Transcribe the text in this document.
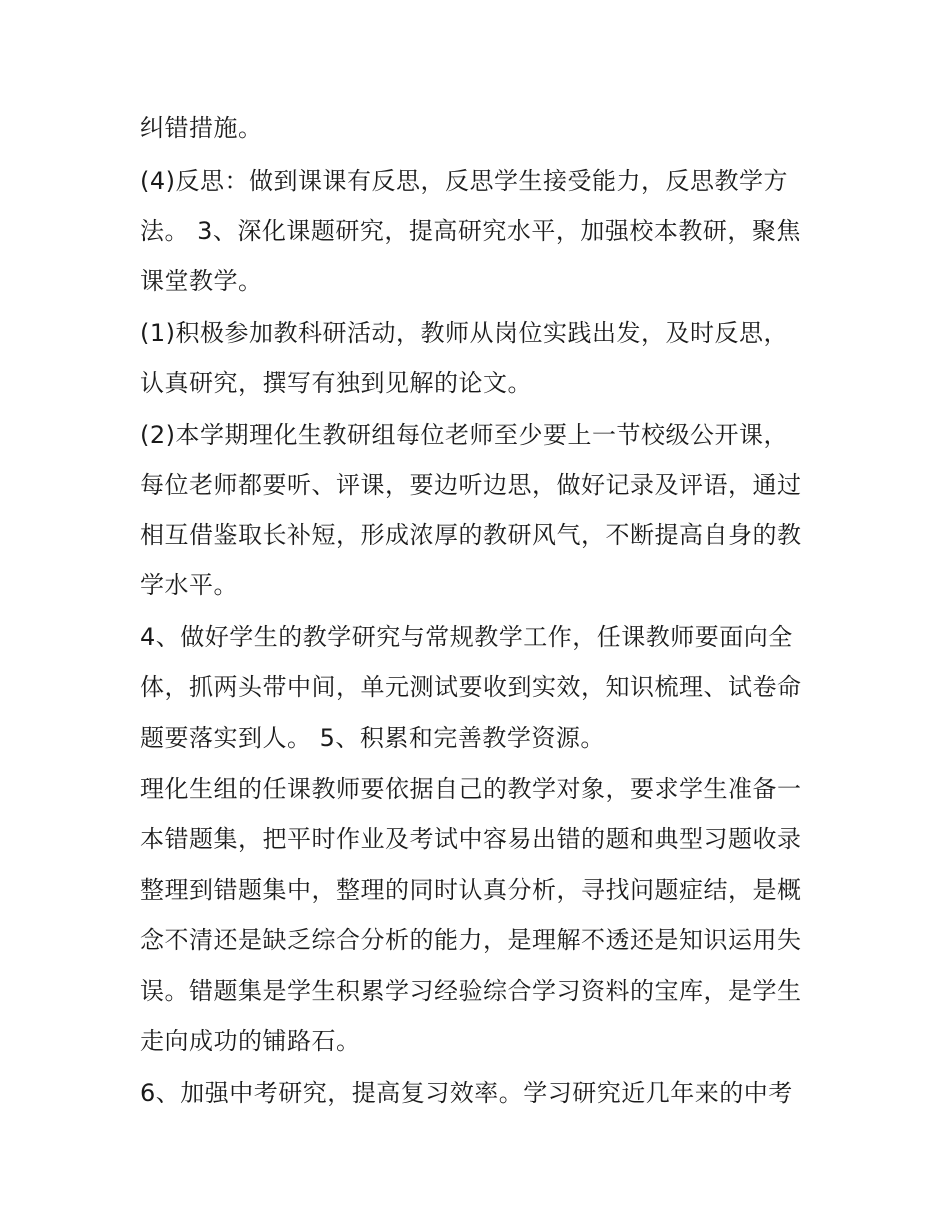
纠错措施。
(4)反思：做到课课有反思，反思学生接受能力，反思教学方
法。 3、深化课题研究，提高研究水平，加强校本教研，聚焦
课堂教学。
(1)积极参加教科研活动，教师从岗位实践出发，及时反思，
认真研究，撰写有独到见解的论文。
(2)本学期理化生教研组每位老师至少要上一节校级公开课，
每位老师都要听、评课，要边听边思，做好记录及评语，通过
相互借鉴取长补短，形成浓厚的教研风气，不断提高自身的教
学水平。
4、做好学生的教学研究与常规教学工作，任课教师要面向全
体，抓两头带中间，单元测试要收到实效，知识梳理、试卷命
题要落实到人。 5、积累和完善教学资源。
理化生组的任课教师要依据自己的教学对象，要求学生准备一
本错题集，把平时作业及考试中容易出错的题和典型习题收录
整理到错题集中，整理的同时认真分析，寻找问题症结，是概
念不清还是缺乏综合分析的能力，是理解不透还是知识运用失
误。错题集是学生积累学习经验综合学习资料的宝库，是学生
走向成功的铺路石。
6、加强中考研究，提高复习效率。学习研究近几年来的中考
